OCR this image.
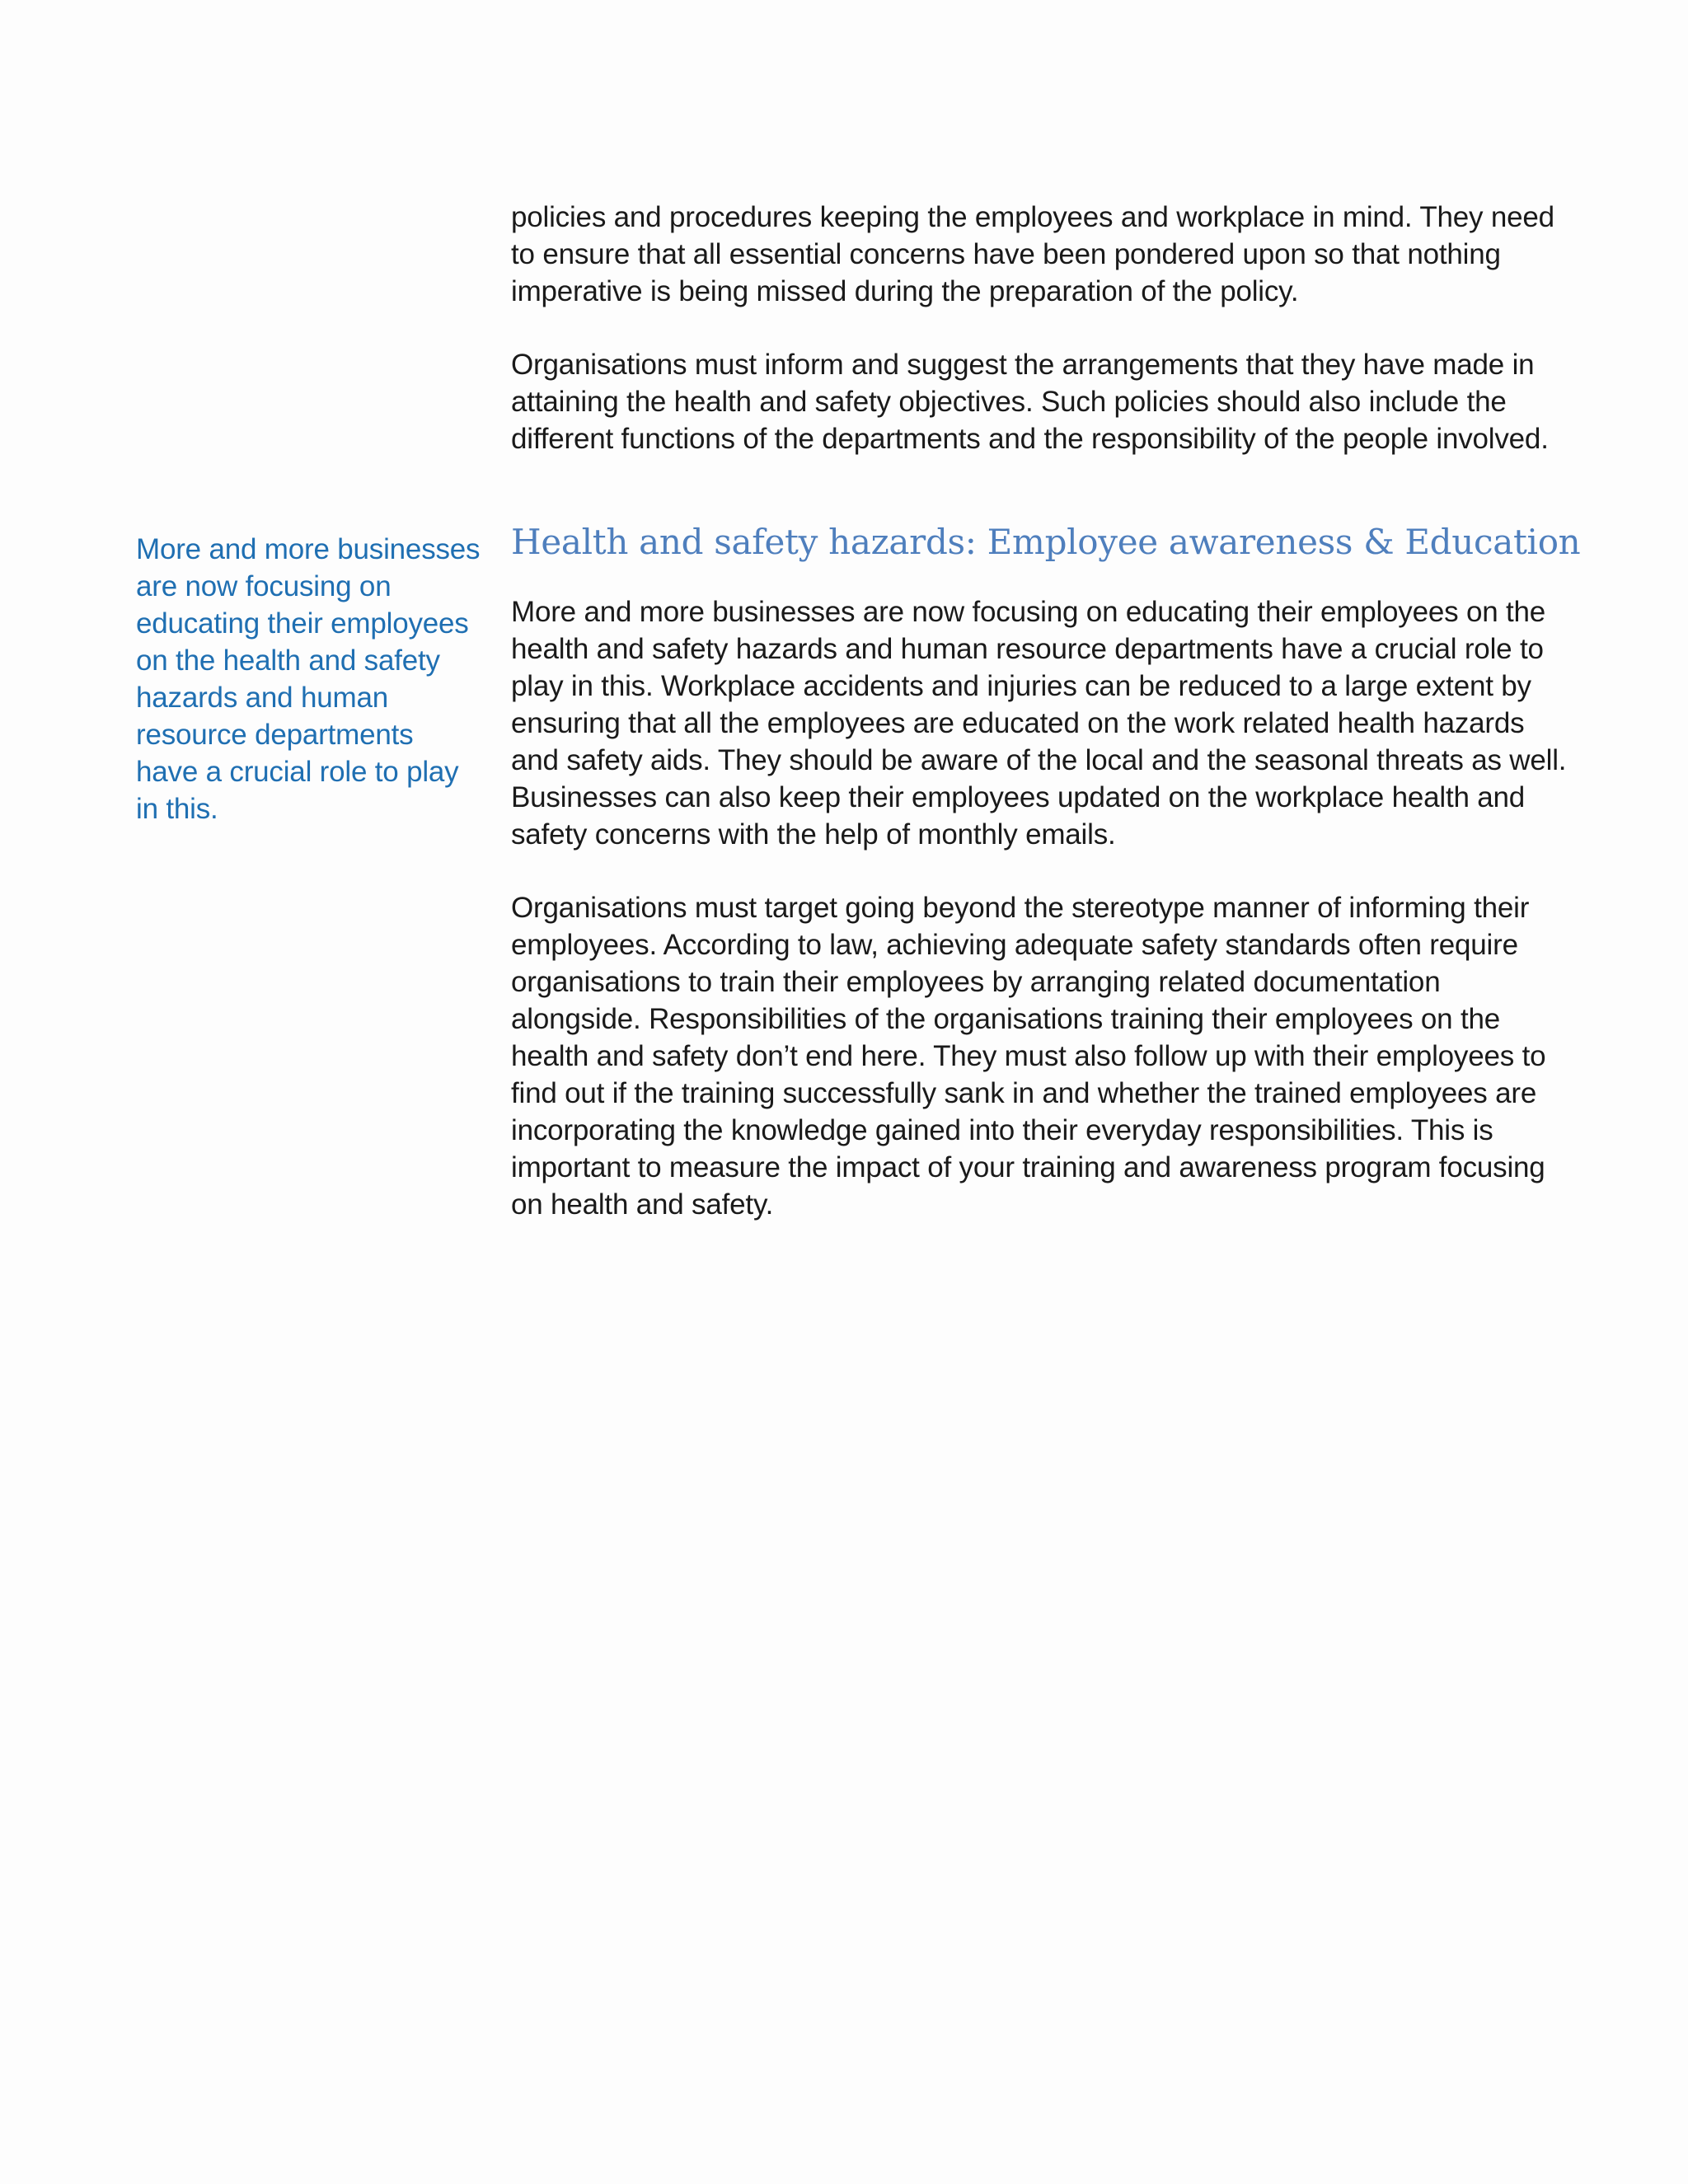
policies and procedures keeping the employees and workplace in mind. They need to ensure that all essential concerns have been pondered upon so that nothing imperative is being missed during the preparation of the policy.

Organisations must inform and suggest the arrangements that they have made in attaining the health and safety objectives. Such policies should also include the different functions of the departments and the responsibility of the people involved.

More and more businesses are now focusing on educating their employees on the health and safety hazards and human resource departments have a crucial role to play in this.

Health and safety hazards: Employee awareness & Education

More and more businesses are now focusing on educating their employees on the health and safety hazards and human resource departments have a crucial role to play in this. Workplace accidents and injuries can be reduced to a large extent by ensuring that all the employees are educated on the work related health hazards and safety aids. They should be aware of the local and the seasonal threats as well. Businesses can also keep their employees updated on the workplace health and safety concerns with the help of monthly emails.

Organisations must target going beyond the stereotype manner of informing their employees. According to law, achieving adequate safety standards often require organisations to train their employees by arranging related documentation alongside. Responsibilities of the organisations training their employees on the health and safety don’t end here. They must also follow up with their employees to find out if the training successfully sank in and whether the trained employees are incorporating the knowledge gained into their everyday responsibilities. This is important to measure the impact of your training and awareness program focusing on health and safety.
